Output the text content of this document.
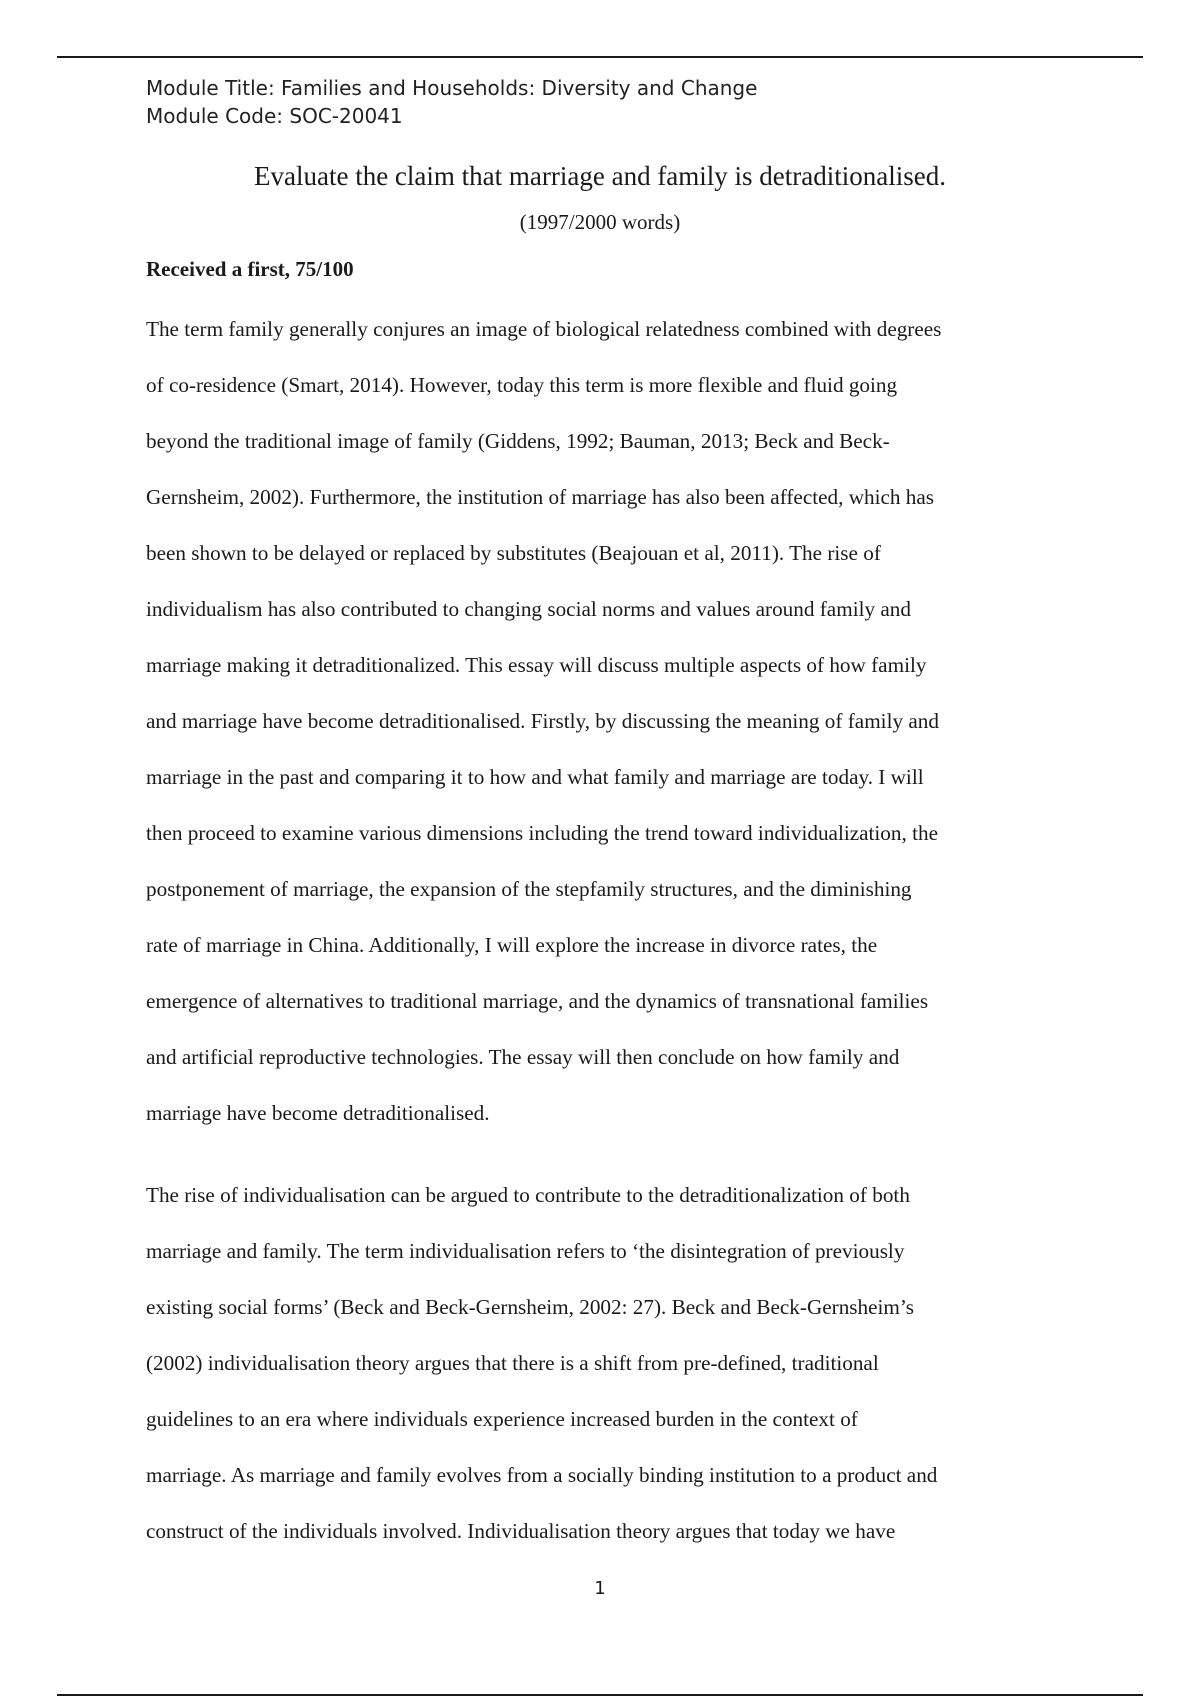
Module Title: Families and Households: Diversity and Change
Module Code: SOC-20041
Evaluate the claim that marriage and family is detraditionalised.
(1997/2000 words)
Received a first, 75/100
The term family generally conjures an image of biological relatedness combined with degrees
of co-residence (Smart, 2014). However, today this term is more flexible and fluid going
beyond the traditional image of family (Giddens, 1992; Bauman, 2013; Beck and Beck-
Gernsheim, 2002). Furthermore, the institution of marriage has also been affected, which has
been shown to be delayed or replaced by substitutes (Beajouan et al, 2011). The rise of
individualism has also contributed to changing social norms and values around family and
marriage making it detraditionalized. This essay will discuss multiple aspects of how family
and marriage have become detraditionalised. Firstly, by discussing the meaning of family and
marriage in the past and comparing it to how and what family and marriage are today. I will
then proceed to examine various dimensions including the trend toward individualization, the
postponement of marriage, the expansion of the stepfamily structures, and the diminishing
rate of marriage in China. Additionally, I will explore the increase in divorce rates, the
emergence of alternatives to traditional marriage, and the dynamics of transnational families
and artificial reproductive technologies. The essay will then conclude on how family and
marriage have become detraditionalised.
The rise of individualisation can be argued to contribute to the detraditionalization of both
marriage and family. The term individualisation refers to ‘the disintegration of previously
existing social forms’ (Beck and Beck-Gernsheim, 2002: 27). Beck and Beck-Gernsheim’s
(2002) individualisation theory argues that there is a shift from pre-defined, traditional
guidelines to an era where individuals experience increased burden in the context of
marriage. As marriage and family evolves from a socially binding institution to a product and
construct of the individuals involved. Individualisation theory argues that today we have
1
